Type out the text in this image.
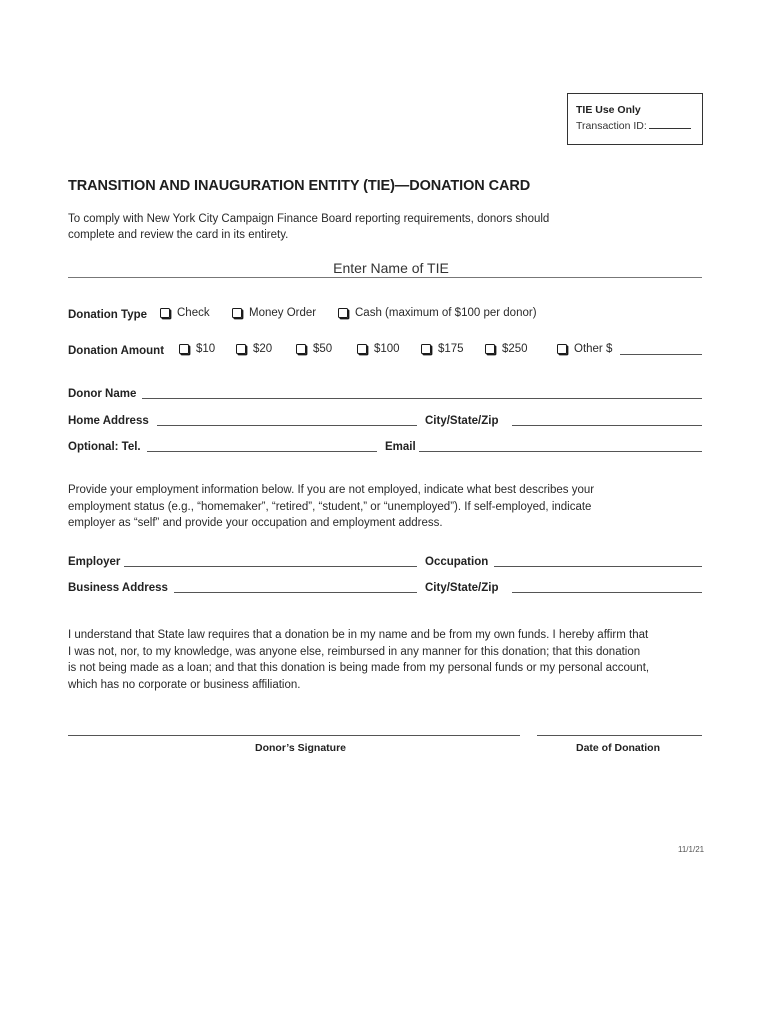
TIE Use Only
Transaction ID:
TRANSITION AND INAUGURATION ENTITY (TIE)—DONATION CARD
To comply with New York City Campaign Finance Board reporting requirements, donors should
complete and review the card in its entirety.
Enter Name of TIE
Donation Type	Check	Money Order	Cash (maximum of $100 per donor)
Donation Amount	$10	$20	$50	$100	$175	$250	Other $
Donor Name
Home Address	City/State/Zip
Optional: Tel.	Email
Provide your employment information below. If you are not employed, indicate what best describes your
employment status (e.g., “homemaker”, “retired”, “student,” or “unemployed”). If self-employed, indicate
employer as “self” and provide your occupation and employment address.
Employer	Occupation
Business Address	City/State/Zip
I understand that State law requires that a donation be in my name and be from my own funds. I hereby affirm that
I was not, nor, to my knowledge, was anyone else, reimbursed in any manner for this donation; that this donation
is not being made as a loan; and that this donation is being made from my personal funds or my personal account,
which has no corporate or business affiliation.
Donor’s Signature	Date of Donation
11/1/21
